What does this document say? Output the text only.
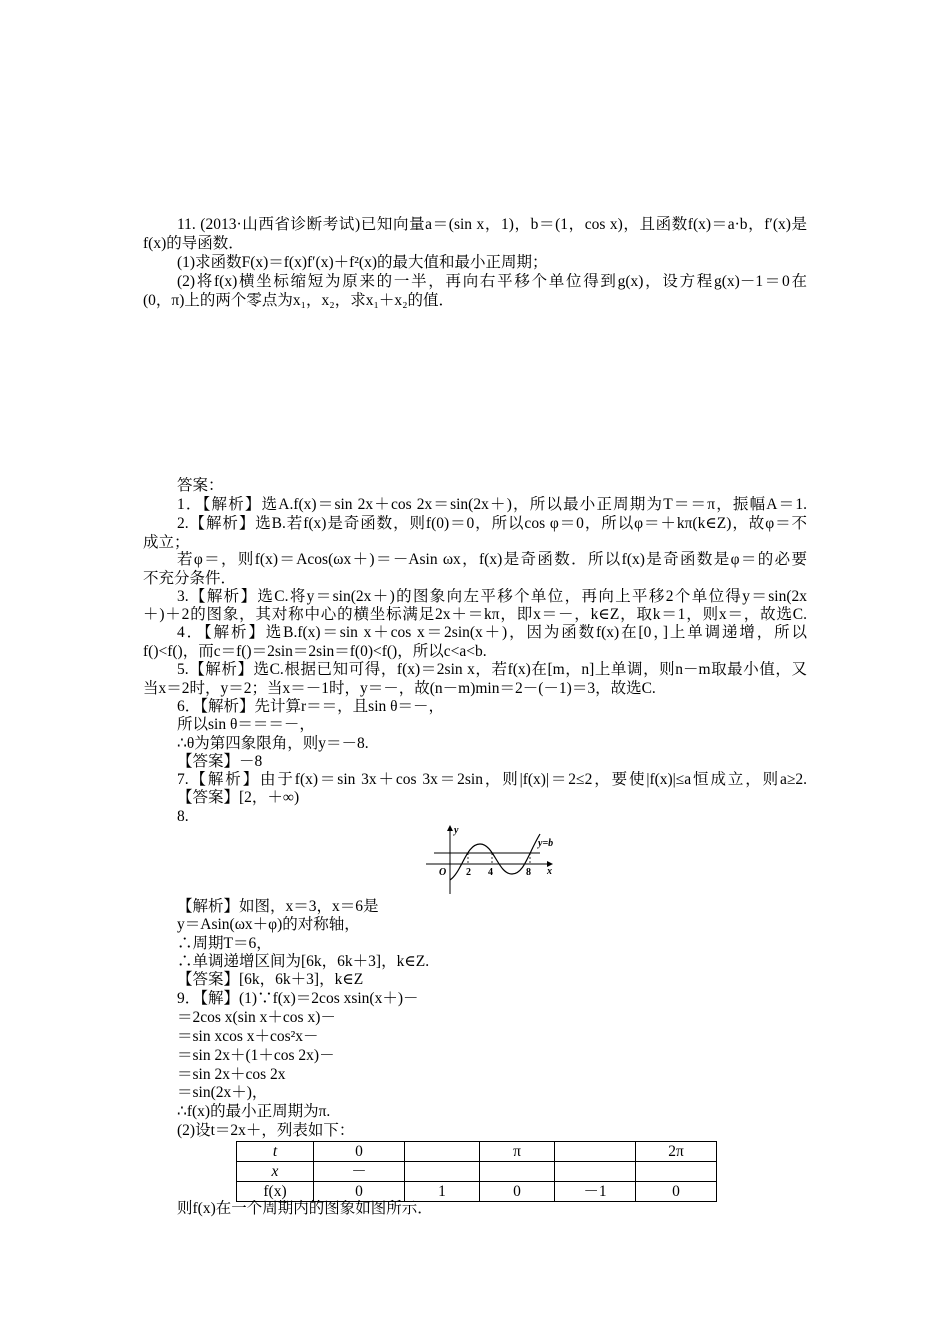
11. (2013·山西省诊断考试)已知向量a＝(sin x，1)，b＝(1，cos x)，且函数f(x)＝a·b，f′(x)是
f(x)的导函数．
(1)求函数F(x)＝f(x)f′(x)＋f²(x)的最大值和最小正周期；
(2)将f(x)横坐标缩短为原来的一半，再向右平移个单位得到g(x)，设方程g(x)－1＝0在
(0，π)上的两个零点为x₁，x₂，求x₁＋x₂的值．
答案：
1．【解析】选A.f(x)＝sin 2x＋cos 2x＝sin(2x＋)，所以最小正周期为T＝＝π，振幅A＝1.
2.【解析】选B.若f(x)是奇函数，则f(0)＝0，所以cos φ＝0，所以φ＝＋kπ(k∈Z)，故φ＝不
成立；
若φ＝，则f(x)＝Acos(ωx＋)＝－Asin ωx，f(x)是奇函数．所以f(x)是奇函数是φ＝的必要
不充分条件．
3.【解析】选C.将y＝sin(2x＋)的图象向左平移个单位，再向上平移2个单位得y＝sin(2x
＋)＋2的图象，其对称中心的横坐标满足2x＋＝kπ，即x＝－，k∈Z，取k＝1，则x＝，故选C.
4．【解析】选B.f(x)＝sin x＋cos x＝2sin(x＋)，因为函数f(x)在[0，]上单调递增，所以
f()<f()，而c＝f()＝2sin＝2sin＝f(0)<f()，所以c<a<b.
5.【解析】选C.根据已知可得，f(x)＝2sin x，若f(x)在[m，n]上单调，则n－m取最小值，又
当x＝2时，y＝2；当x＝－1时，y＝－，故(n－m)min＝2－(－1)＝3，故选C.
6．【解析】先计算r＝＝，且sin θ＝－，
所以sin θ＝＝＝－，
∴θ为第四象限角，则y＝－8.
【答案】－8
7.【解析】由于f(x)＝sin 3x＋cos 3x＝2sin，则|f(x)|＝2≤2，要使|f(x)|≤a恒成立，则a≥2.
【答案】[2，＋∞)
8.
y
x
O 2 4	8
y=b
【解析】如图，x＝3，x＝6是
y＝Asin(ωx＋φ)的对称轴，
∴周期T＝6，
∴单调递增区间为[6k，6k＋3]，k∈Z.
【答案】[6k，6k＋3]，k∈Z
9．【解】(1)∵f(x)＝2cos xsin(x＋)－
＝2cos x(sin x＋cos x)－
＝sin xcos x＋cos²x－
＝sin 2x＋(1＋cos 2x)－
＝sin 2x＋cos 2x
＝sin(2x＋)，
∴f(x)的最小正周期为π.
(2)设t＝2x＋，列表如下：
t	0		π		2π
x	－				
f(x)	0	1	0	－1	0
则f(x)在一个周期内的图象如图所示．
